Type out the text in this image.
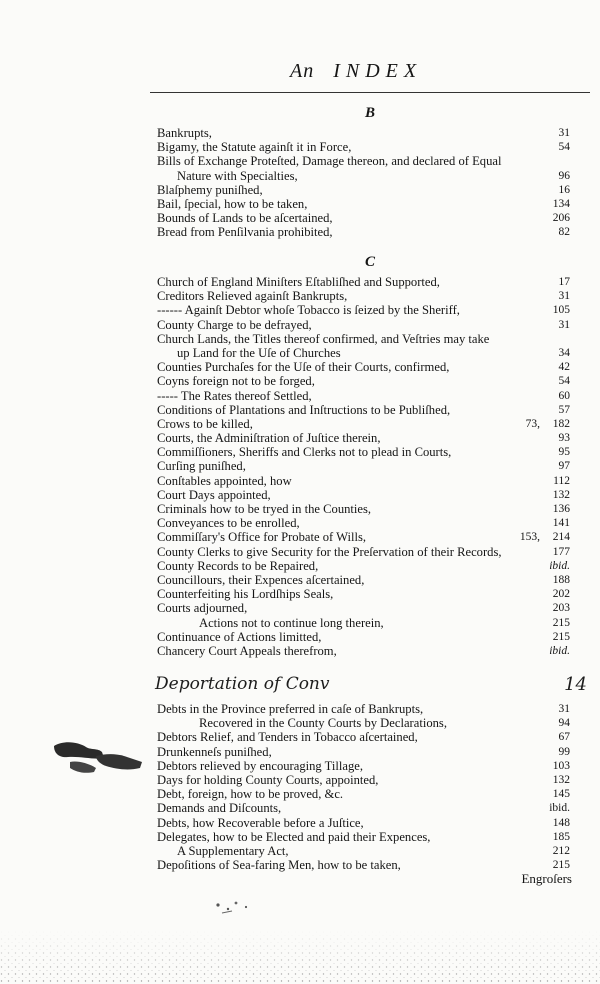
An INDEX
B
Bankrupts,	31
Bigamy, the Statute againſt it in Force,	54
Bills of Exchange Proteſted, Damage thereon, and declared of Equal
Nature with Specialties,	96
Blaſphemy puniſhed,	16
Bail, ſpecial, how to be taken,	134
Bounds of Lands to be aſcertained,	206
Bread from Penſilvania prohibited,	82
C
Church of England Miniſters Eſtabliſhed and Supported,	17
Creditors Relieved againſt Bankrupts,	31
------ Againſt Debtor whoſe Tobacco is ſeized by the Sheriff,	105
County Charge to be defrayed,	31
Church Lands, the Titles thereof confirmed, and Veſtries may take
up Land for the Uſe of Churches	34
Counties Purchaſes for the Uſe of their Courts, confirmed,	42
Coyns foreign not to be forged,	54
----- The Rates thereof Settled,	60
Conditions of Plantations and Inſtructions to be Publiſhed,	57
Crows to be killed,	73, 182
Courts, the Adminiſtration of Juſtice therein,	93
Commiſſioners, Sheriffs and Clerks not to plead in Courts,	95
Curſing puniſhed,	97
Conſtables appointed, how	112
Court Days appointed,	132
Criminals how to be tryed in the Counties,	136
Conveyances to be enrolled,	141
Commiſſary's Office for Probate of Wills,	153, 214
County Clerks to give Security for the Preſervation of their Records,	177
County Records to be Repaired,	ibid.
Councillours, their Expences aſcertained,	188
Counterfeiting his Lordſhips Seals,	202
Courts adjourned,	203
Actions not to continue long therein,	215
Continuance of Actions limitted,	215
Chancery Court Appeals therefrom,	ibid.
Deportation of Conv	14
Debts in the Province preferred in caſe of Bankrupts,	31
Recovered in the County Courts by Declarations,	94
Debtors Relief, and Tenders in Tobacco aſcertained,	67
Drunkenneſs puniſhed,	99
Debtors relieved by encouraging Tillage,	103
Days for holding County Courts, appointed,	132
Debt, foreign, how to be proved, &c.	145
Demands and Diſcounts,	ibid.
Debts, how Recoverable before a Juſtice,	148
Delegates, how to be Elected and paid their Expences,	185
A Supplementary Act,	212
Depoſitions of Sea-faring Men, how to be taken,	215
Engroſers
